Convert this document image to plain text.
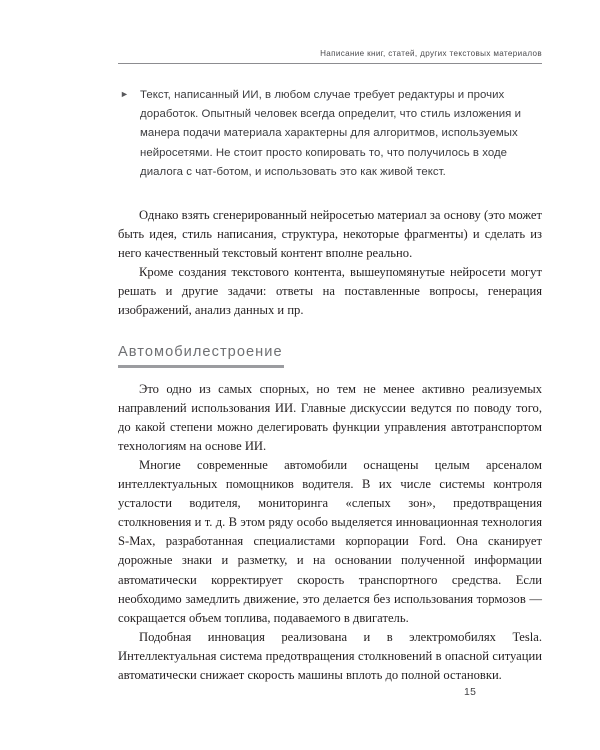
Написание книг, статей, других текстовых материалов
► Текст, написанный ИИ, в любом случае требует редактуры и прочих доработок. Опытный человек всегда определит, что стиль изложения и манера подачи материала характерны для алгоритмов, используемых нейросетями. Не стоит просто копировать то, что получилось в ходе диалога с чат-ботом, и использовать это как живой текст.

Однако взять сгенерированный нейросетью материал за основу (это может быть идея, стиль написания, структура, некоторые фрагменты) и сделать из него качественный текстовый контент вполне реально.

Кроме создания текстового контента, вышеупомянутые нейросети могут решать и другие задачи: ответы на поставленные вопросы, генерация изображений, анализ данных и пр.

Автомобилестроение

Это одно из самых спорных, но тем не менее активно реализуемых направлений использования ИИ. Главные дискуссии ведутся по поводу того, до какой степени можно делегировать функции управления автотранспортом технологиям на основе ИИ.

Многие современные автомобили оснащены целым арсеналом интеллектуальных помощников водителя. В их числе системы контроля усталости водителя, мониторинга «слепых зон», предотвращения столкновения и т. д. В этом ряду особо выделяется инновационная технология S-Max, разработанная специалистами корпорации Ford. Она сканирует дорожные знаки и разметку, и на основании полученной информации автоматически корректирует скорость транспортного средства. Если необходимо замедлить движение, это делается без использования тормозов — сокращается объем топлива, подаваемого в двигатель.

Подобная инновация реализована и в электромобилях Tesla. Интеллектуальная система предотвращения столкновений в опасной ситуации автоматически снижает скорость машины вплоть до полной остановки.

15
